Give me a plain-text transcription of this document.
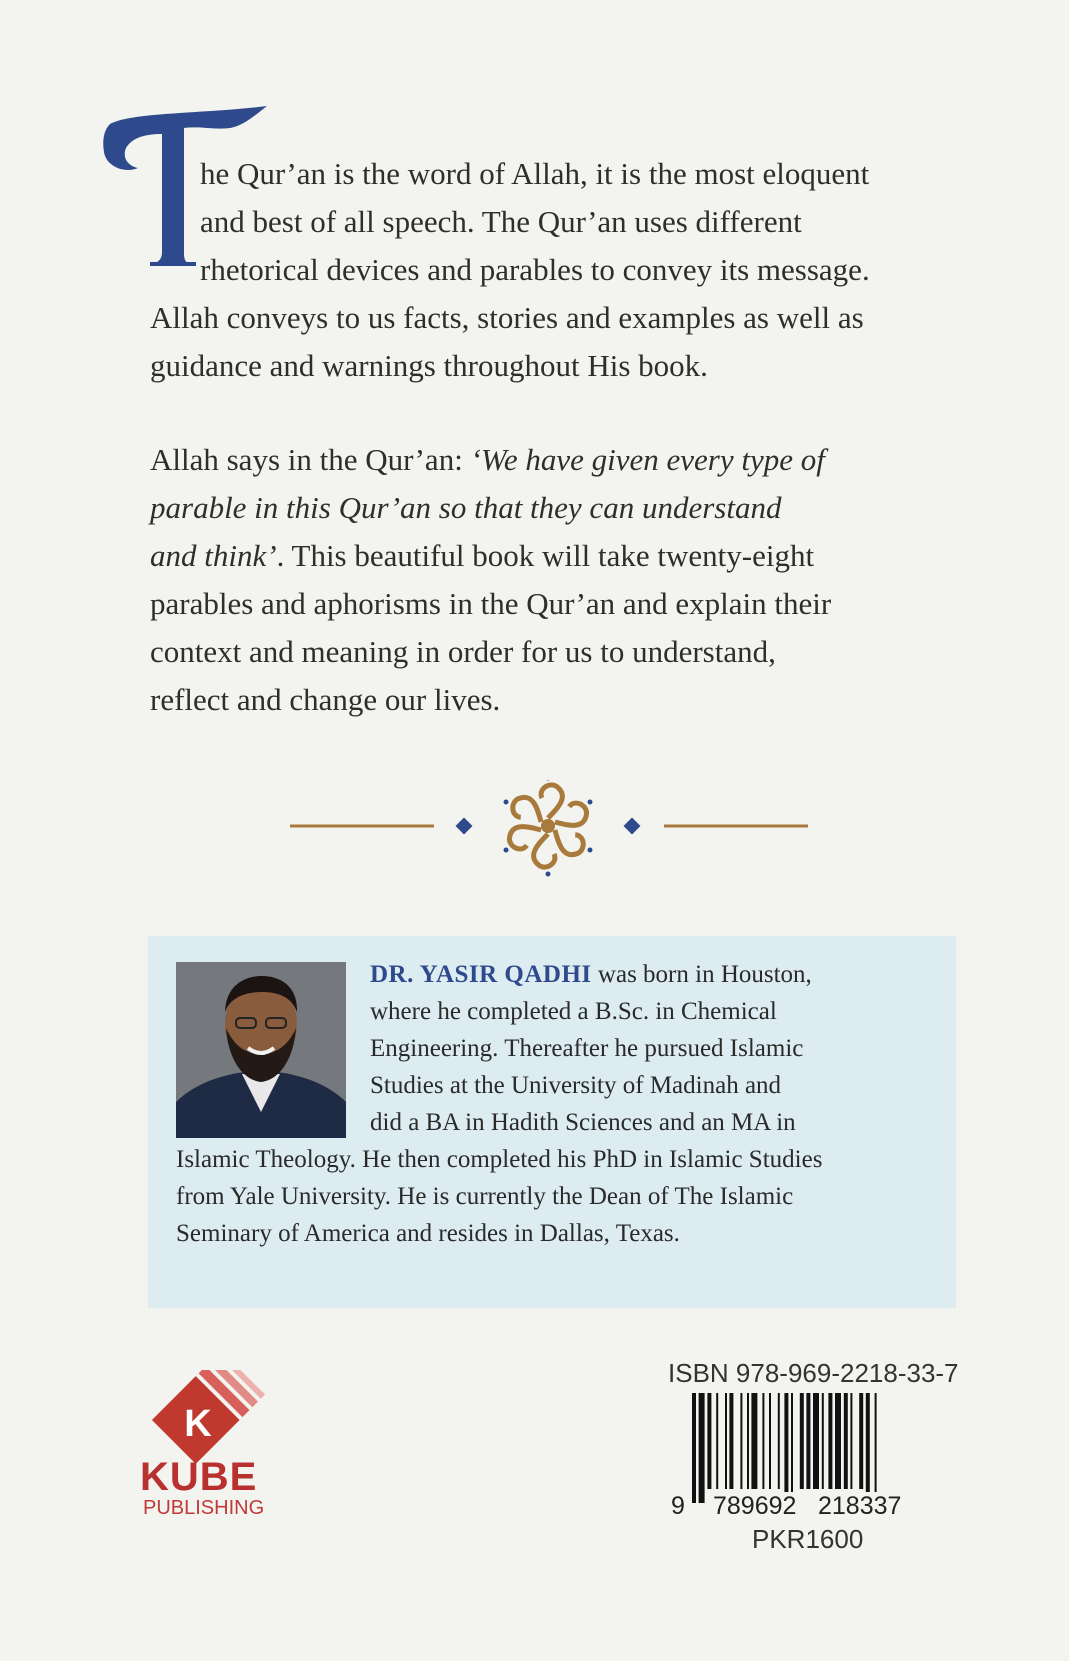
he Qur’an is the word of Allah, it is the most eloquent
and best of all speech. The Qur’an uses different
rhetorical devices and parables to convey its message.
Allah conveys to us facts, stories and examples as well as
guidance and warnings throughout His book.
Allah says in the Qur’an: ‘We have given every type of
parable in this Qur’an so that they can understand
and think’. This beautiful book will take twenty-eight
parables and aphorisms in the Qur’an and explain their
context and meaning in order for us to understand,
reflect and change our lives.
DR. YASIR QADHI was born in Houston,
where he completed a B.Sc. in Chemical
Engineering. Thereafter he pursued Islamic
Studies at the University of Madinah and
did a BA in Hadith Sciences and an MA in
Islamic Theology. He then completed his PhD in Islamic Studies
from Yale University. He is currently the Dean of The Islamic
Seminary of America and resides in Dallas, Texas.
K
KUBE
PUBLISHING
ISBN 978-969-2218-33-7
9 789692 218337
PKR1600
